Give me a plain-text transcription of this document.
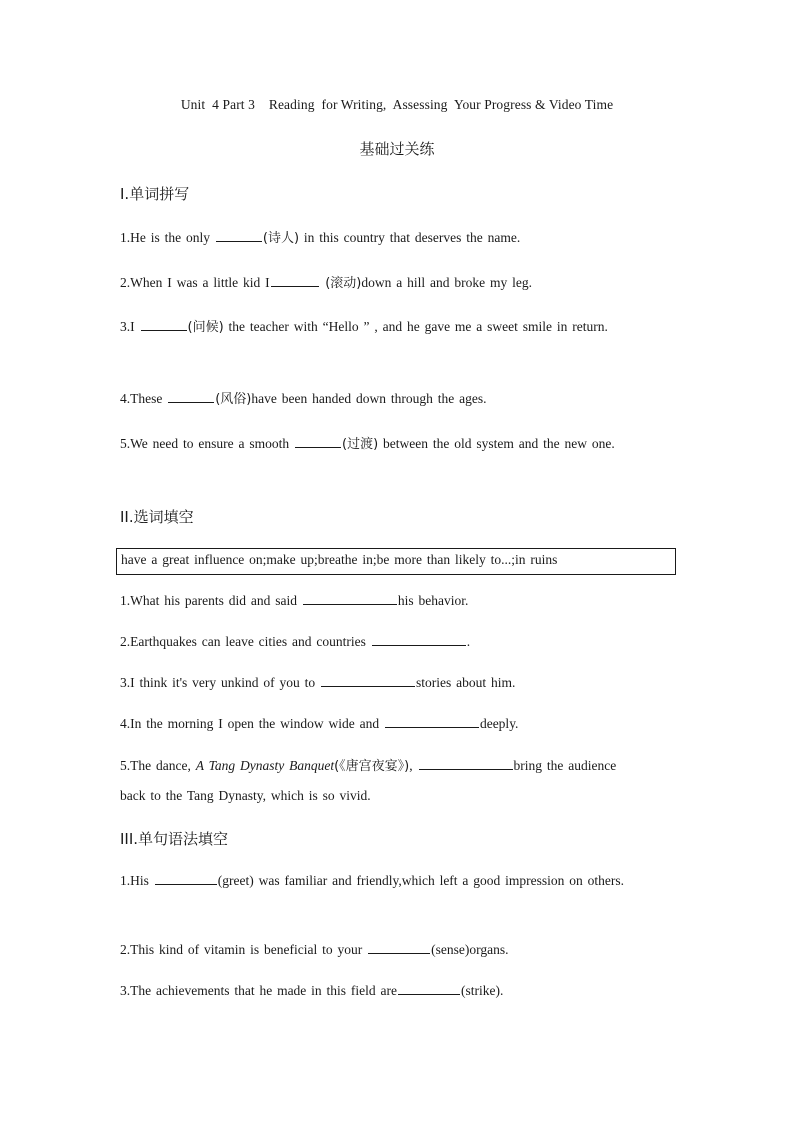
Unit  4 Part 3    Reading  for Writing,  Assessing  Your Progress & Video Time
基础过关练
Ⅰ.单词拼写
1.He is the only	(诗人) in this country that deserves the name.
2.When I was a little kid I	(滚动)down a hill and broke my leg.
3.I	(问候) the teacher with “Hello ” , and he gave me a sweet smile in return.
4.These	(风俗)have been handed down through the ages.
5.We need to ensure a smooth	(过渡) between the old system and the new one.
II.选词填空
have a great influence on;make up;breathe in;be more than likely to...;in ruins
1.What his parents did and said	his behavior.
2.Earthquakes can leave cities and countries	.
3.I think it's very unkind of you to	stories about him.
4.In the morning I open the window wide and	deeply.
5.The dance, A Tang Dynasty Banquet(《唐宫夜宴》),	bring the audience back to the Tang Dynasty, which is so vivid.
III.单句语法填空
1.His	(greet) was familiar and friendly,which left a good impression on others.
2.This kind of vitamin is beneficial to your	(sense)organs.
3.The achievements that he made in this field are	(strike).
